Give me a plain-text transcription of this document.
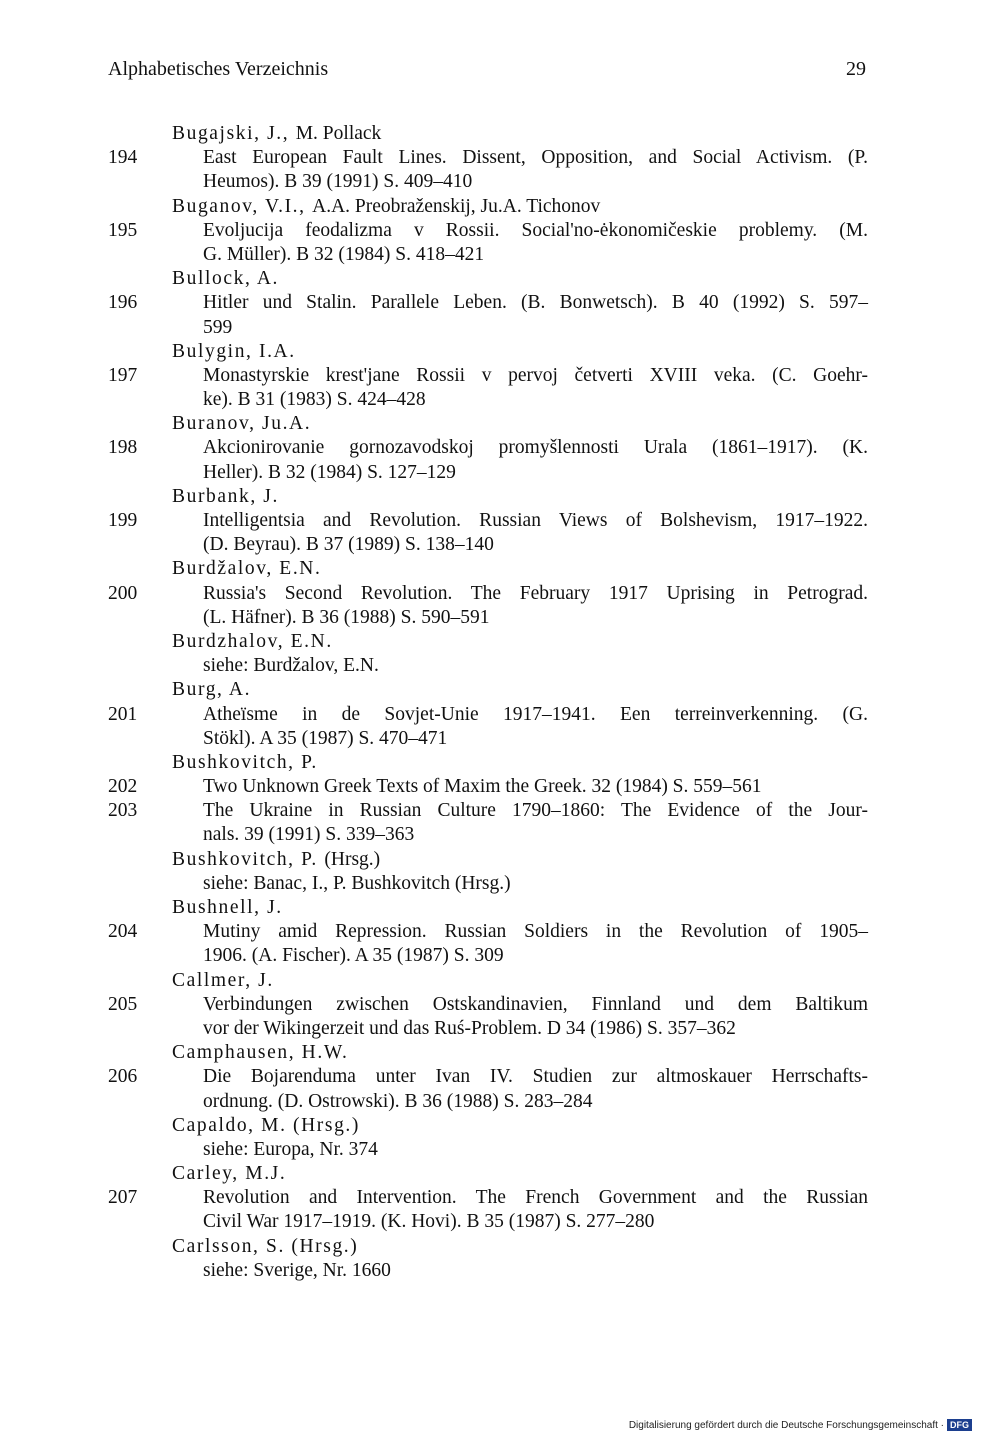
Alphabetisches Verzeichnis	29
Bugajski, J., M. Pollack
194	East European Fault Lines. Dissent, Opposition, and Social Activism. (P.
Heumos). B 39 (1991) S. 409–410
Buganov, V.I., A.A. Preobraženskij, Ju.A. Tichonov
195	Evoljucija feodalizma v Rossii. Social'no-ėkonomičeskie problemy. (M.
G. Müller). B 32 (1984) S. 418–421
Bullock, A.
196	Hitler und Stalin. Parallele Leben. (B. Bonwetsch). B 40 (1992) S. 597–
599
Bulygin, I.A.
197	Monastyrskie krest'jane Rossii v pervoj četverti XVIII veka. (C. Goehr-
ke). B 31 (1983) S. 424–428
Buranov, Ju.A.
198	Akcionirovanie gornozavodskoj promyšlennosti Urala (1861–1917). (K.
Heller). B 32 (1984) S. 127–129
Burbank, J.
199	Intelligentsia and Revolution. Russian Views of Bolshevism, 1917–1922.
(D. Beyrau). B 37 (1989) S. 138–140
Burdžalov, E.N.
200	Russia's Second Revolution. The February 1917 Uprising in Petrograd.
(L. Häfner). B 36 (1988) S. 590–591
Burdzhalov, E.N.
siehe: Burdžalov, E.N.
Burg, A.
201	Atheïsme in de Sovjet-Unie 1917–1941. Een terreinverkenning. (G.
Stökl). A 35 (1987) S. 470–471
Bushkovitch, P.
202	Two Unknown Greek Texts of Maxim the Greek. 32 (1984) S. 559–561
203	The Ukraine in Russian Culture 1790–1860: The Evidence of the Jour-
nals. 39 (1991) S. 339–363
Bushkovitch, P. (Hrsg.)
siehe: Banac, I., P. Bushkovitch (Hrsg.)
Bushnell, J.
204	Mutiny amid Repression. Russian Soldiers in the Revolution of 1905–
1906. (A. Fischer). A 35 (1987) S. 309
Callmer, J.
205	Verbindungen zwischen Ostskandinavien, Finnland und dem Baltikum
vor der Wikingerzeit und das Ruś-Problem. D 34 (1986) S. 357–362
Camphausen, H.W.
206	Die Bojarenduma unter Ivan IV. Studien zur altmoskauer Herrschafts-
ordnung. (D. Ostrowski). B 36 (1988) S. 283–284
Capaldo, M. (Hrsg.)
siehe: Europa, Nr. 374
Carley, M.J.
207	Revolution and Intervention. The French Government and the Russian
Civil War 1917–1919. (K. Hovi). B 35 (1987) S. 277–280
Carlsson, S. (Hrsg.)
siehe: Sverige, Nr. 1660
Digitalisierung gefördert durch die Deutsche Forschungsgemeinschaft · DFG
